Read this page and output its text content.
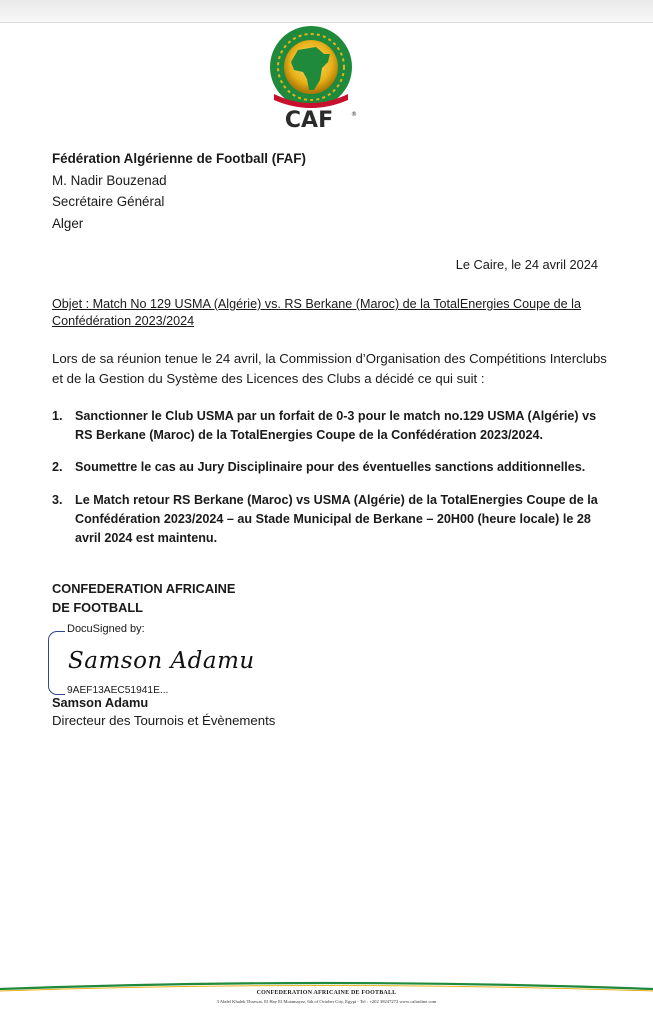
CAF	®
Fédération Algérienne de Football (FAF)
M. Nadir Bouzenad
Secrétaire Général
Alger
Le Caire, le 24 avril 2024
Objet : Match No 129 USMA (Algérie) vs. RS Berkane (Maroc) de la TotalEnergies Coupe de la Confédération 2023/2024
Lors de sa réunion tenue le 24 avril, la Commission d’Organisation des Compétitions Interclubs et de la Gestion du Système des Licences des Clubs a décidé ce qui suit :
1. Sanctionner le Club USMA par un forfait de 0-3 pour le match no.129 USMA (Algérie) vs RS Berkane (Maroc) de la TotalEnergies Coupe de la Confédération 2023/2024.
2. Soumettre le cas au Jury Disciplinaire pour des éventuelles sanctions additionnelles.
3. Le Match retour RS Berkane (Maroc) vs USMA (Algérie) de la TotalEnergies Coupe de la Confédération 2023/2024 – au Stade Municipal de Berkane – 20H00 (heure locale) le 28 avril 2024 est maintenu.
CONFEDERATION AFRICAINE
DE FOOTBALL
DocuSigned by:
Samson Adamu
9AEF13AEC51941E...
Samson Adamu
Directeur des Tournois et Évènements
CONFEDERATION AFRICAINE DE FOOTBALL
3 Abdel Khalek Tharwat, El Hay El Motamayez, 6th of October City, Egypt - Tel : +202 38247272 www.cafonline.com
